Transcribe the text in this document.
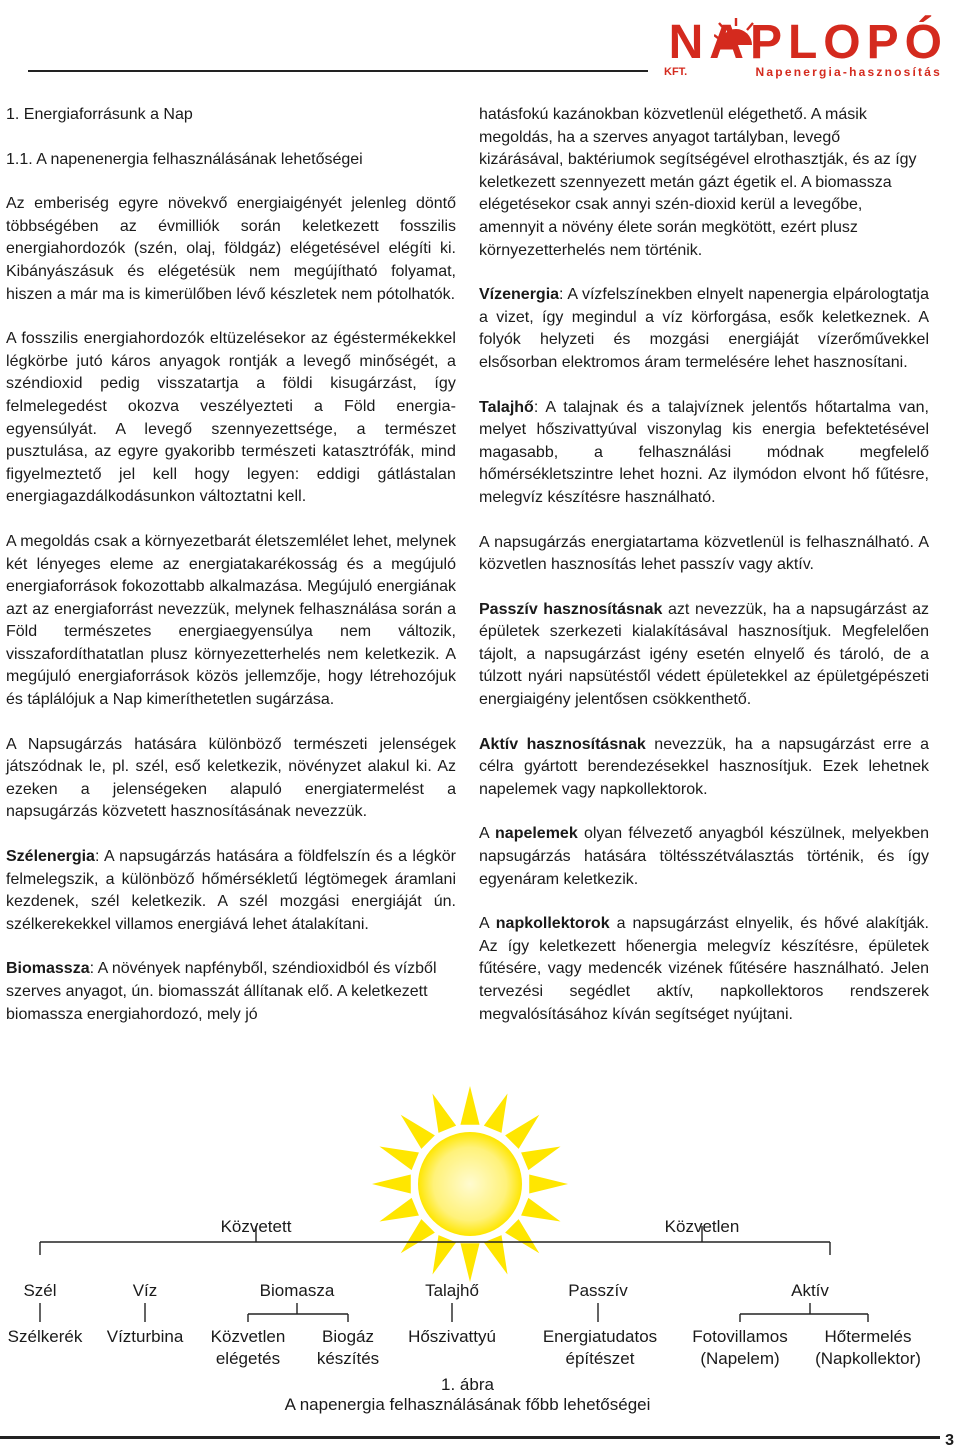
NAPLOPÓ
KFT.	Napenergia-hasznosítás
1. Energiaforrásunk a Nap
1.1. A napenenergia felhasználásának lehetőségei

Az emberiség egyre növekvő energiaigényét jelenleg döntő többségében az évmilliók során keletkezett fosszilis energiahordozók (szén, olaj, földgáz) elégetésével elégíti ki. Kibányászásuk és elégetésük nem megújítható folyamat, hiszen a már ma is kimerülőben lévő készletek nem pótolhatók.

A fosszilis energiahordozók eltüzelésekor az égéstermékekkel légkörbe jutó káros anyagok rontják a levegő minőségét, a széndioxid pedig visszatartja a földi kisugárzást, így felmelegedést okozva veszélyezteti a Föld energia-egyensúlyát. A levegő szennyezettsége, a természet pusztulása, az egyre gyakoribb természeti katasztrófák, mind figyelmeztető jel kell hogy legyen: eddigi gátlástalan energiagazdálkodásunkon változtatni kell.

A megoldás csak a környezetbarát életszemlélet lehet, melynek két lényeges eleme az energiatakarékosság és a megújuló energiaforrások fokozottabb alkalmazása. Megújuló energiának azt az energiaforrást nevezzük, melynek felhasználása során a Föld természetes energiaegyensúlya nem változik, visszafordíthatatlan plusz környezetterhelés nem keletkezik. A megújuló energiaforrások közös jellemzője, hogy létrehozójuk és táplálójuk a Nap kimeríthetetlen sugárzása.

A Napsugárzás hatására különböző természeti jelenségek játszódnak le, pl. szél, eső keletkezik, növényzet alakul ki. Az ezeken a jelenségeken alapuló energiatermelést a napsugárzás közvetett hasznosításának nevezzük.

Szélenergia: A napsugárzás hatására a földfelszín és a légkör felmelegszik, a különböző hőmérsékletű légtömegek áramlani kezdenek, szél keletkezik. A szél mozgási energiáját ún. szélkerekekkel villamos energiává lehet átalakítani.

Biomassza: A növények napfényből, széndioxidból és vízből szerves anyagot, ún. biomasszát állítanak elő. A keletkezett biomassza energiahordozó, mely jó

hatásfokú kazánokban közvetlenül elégethető. A másik megoldás, ha a szerves anyagot tartályban, levegő kizárásával, baktériumok segítségével elrothasztják, és az így keletkezett szennyezett metán gázt égetik el. A biomassza elégetésekor csak annyi szén-dioxid kerül a levegőbe, amennyit a növény élete során megkötött, ezért plusz környezetterhelés nem történik.

Vízenergia: A vízfelszínekben elnyelt napenergia elpárologtatja a vizet, így megindul a víz körforgása, esők keletkeznek. A folyók helyzeti és mozgási energiáját vízerőművekkel elsősorban elektromos áram termelésére lehet hasznosítani.

Talajhő: A talajnak és a talajvíznek jelentős hőtartalma van, melyet hőszivattyúval viszonylag kis energia befektetésével magasabb, a felhasználási módnak megfelelő hőmérsékletszintre lehet hozni. Az ilymódon elvont hő fűtésre, melegvíz készítésre használható.

A napsugárzás energiatartama közvetlenül is felhasználható. A közvetlen hasznosítás lehet passzív vagy aktív.

Passzív hasznosításnak azt nevezzük, ha a napsugárzást az épületek szerkezeti kialakításával hasznosítjuk. Megfelelően tájolt, a napsugárzást igény esetén elnyelő és tároló, de a túlzott nyári napsütéstől védett épületekkel az épületgépészeti energiaigény jelentősen csökkenthető.

Aktív hasznosításnak nevezzük, ha a napsugárzást erre a célra gyártott berendezésekkel hasznosítjuk. Ezek lehetnek napelemek vagy napkollektorok.

A napelemek olyan félvezető anyagból készülnek, melyekben napsugárzás hatására töltésszétválasztás történik, és így egyenáram keletkezik.

A napkollektorok a napsugárzást elnyelik, és hővé alakítják. Az így keletkezett hőenergia melegvíz készítésre, épületek fűtésére, vagy medencék vizének fűtésére használható. Jelen tervezési segédlet aktív, napkollektoros rendszerek megvalósításához kíván segítséget nyújtani.

Közvetett	Közvetlen
Szél	Víz	Biomasza	Talajhő	Passzív	Aktív
Szélkerék Vízturbina Közvetlen
elégetés
Biogáz
készítés
Hőszivattyú	Energiatudatos
építészet
Fotovillamos
(Napelem)
Hőtermelés
(Napkollektor)
1. ábra
A napenergia felhasználásának főbb lehetőségei
3
